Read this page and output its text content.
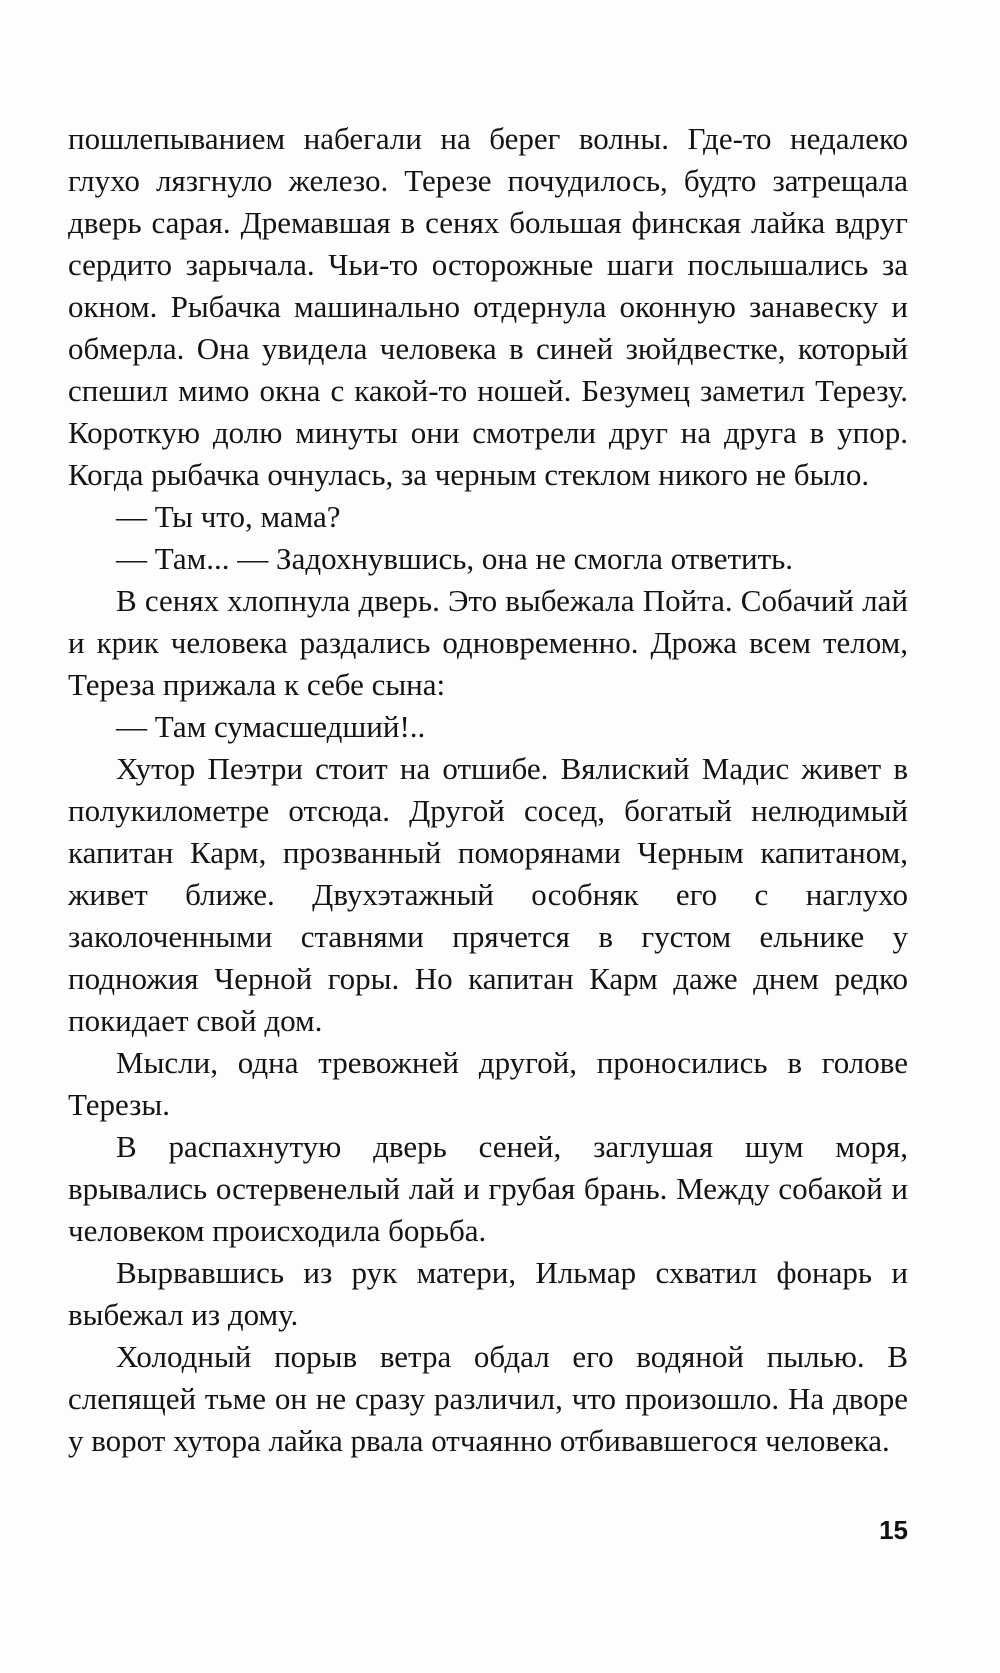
пошлепыванием набегали на берег волны. Где-то недалеко глухо лязгнуло железо. Терезе почудилось, будто затрещала дверь сарая. Дремавшая в сенях большая финская лайка вдруг сердито зарычала. Чьи-то осторожные шаги послышались за окном. Рыбачка машинально отдернула оконную занавеску и обмерла. Она увидела человека в синей зюйдвестке, который спешил мимо окна с какой-то ношей. Безумец заметил Терезу. Короткую долю минуты они смотрели друг на друга в упор. Когда рыбачка очнулась, за черным стеклом никого не было.

— Ты что, мама?

— Там... — Задохнувшись, она не смогла ответить.

В сенях хлопнула дверь. Это выбежала Пойта. Собачий лай и крик человека раздались одновременно. Дрожа всем телом, Тереза прижала к себе сына:

— Там сумасшедший!..

Хутор Пеэтри стоит на отшибе. Вялиский Мадис живет в полукилометре отсюда. Другой сосед, богатый нелюдимый капитан Карм, прозванный поморянами Черным капитаном, живет ближе. Двухэтажный особняк его с наглухо заколоченными ставнями прячется в густом ельнике у подножия Черной горы. Но капитан Карм даже днем редко покидает свой дом.

Мысли, одна тревожней другой, проносились в голове Терезы.

В распахнутую дверь сеней, заглушая шум моря, врывались остервенелый лай и грубая брань. Между собакой и человеком происходила борьба.

Вырвавшись из рук матери, Ильмар схватил фонарь и выбежал из дому.

Холодный порыв ветра обдал его водяной пылью. В слепящей тьме он не сразу различил, что произошло. На дворе у ворот хутора лайка рвала отчаянно отбивавшегося человека.

15
